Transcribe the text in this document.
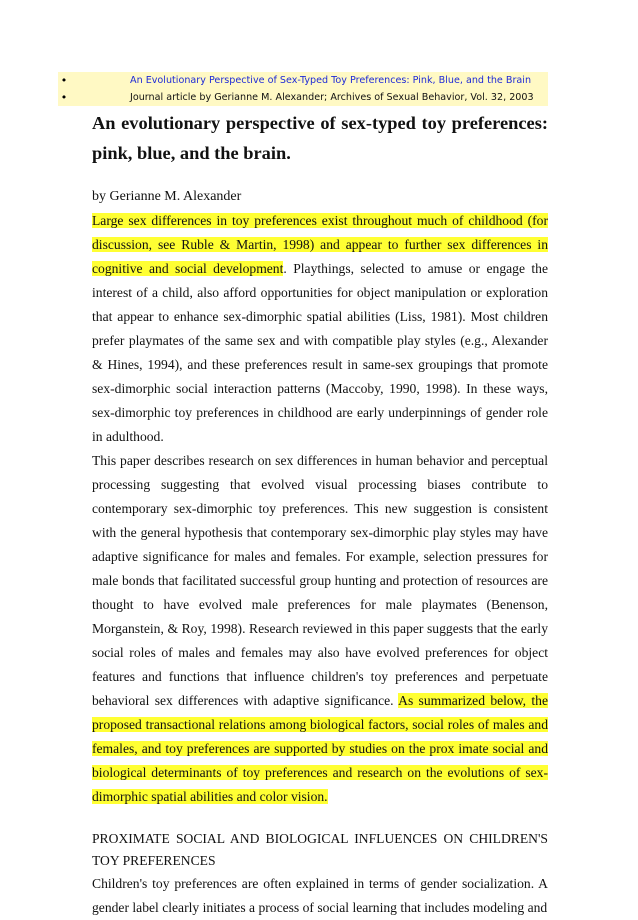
•	An Evolutionary Perspective of Sex-Typed Toy Preferences: Pink, Blue, and the Brain
•	Journal article by Gerianne M. Alexander; Archives of Sexual Behavior, Vol. 32, 2003
An evolutionary perspective of sex-typed toy preferences: pink, blue, and the brain.

by Gerianne M. Alexander

Large sex differences in toy preferences exist throughout much of childhood (for discussion, see Ruble & Martin, 1998) and appear to further sex differences in cognitive and social development. Playthings, selected to amuse or engage the interest of a child, also afford opportunities for object manipulation or exploration that appear to enhance sex-dimorphic spatial abilities (Liss, 1981). Most children prefer playmates of the same sex and with compatible play styles (e.g., Alexander & Hines, 1994), and these preferences result in same-sex groupings that promote sex-dimorphic social interaction patterns (Maccoby, 1990, 1998). In these ways, sex-dimorphic toy preferences in childhood are early underpinnings of gender role in adulthood.

This paper describes research on sex differences in human behavior and perceptual processing suggesting that evolved visual processing biases contribute to contemporary sex-dimorphic toy preferences. This new suggestion is consistent with the general hypothesis that contemporary sex-dimorphic play styles may have adaptive significance for males and females. For example, selection pressures for male bonds that facilitated successful group hunting and protection of resources are thought to have evolved male preferences for male playmates (Benenson, Morganstein, & Roy, 1998). Research reviewed in this paper suggests that the early social roles of males and females may also have evolved preferences for object features and functions that influence children's toy preferences and perpetuate behavioral sex differences with adaptive significance. As summarized below, the proposed transactional relations among biological factors, social roles of males and females, and toy preferences are supported by studies on the prox imate social and biological determinants of toy preferences and research on the evolutions of sex-dimorphic spatial abilities and color vision.

PROXIMATE SOCIAL AND BIOLOGICAL INFLUENCES ON CHILDREN'S TOY PREFERENCES

Children's toy preferences are often explained in terms of gender socialization. A gender label clearly initiates a process of social learning that includes modeling and
